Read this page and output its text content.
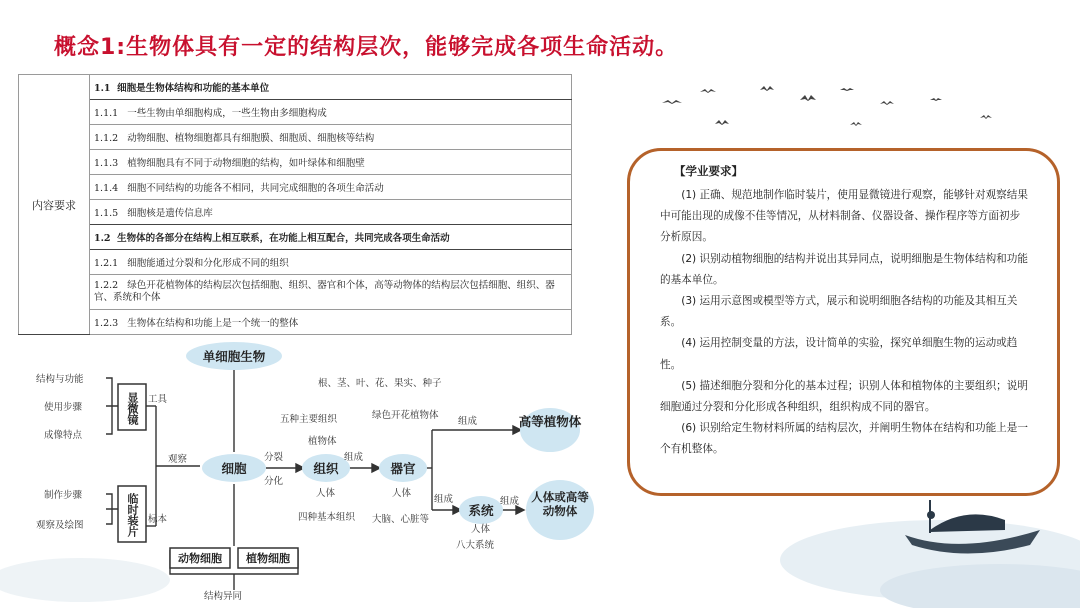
概念1:生物体具有一定的结构层次，能够完成各项生命活动。
内容要求	1.1 细胞是生物体结构和功能的基本单位
1.1.1 一些生物由单细胞构成，一些生物由多细胞构成
1.1.2 动物细胞、植物细胞都具有细胞膜、细胞质、细胞核等结构
1.1.3 植物细胞具有不同于动物细胞的结构，如叶绿体和细胞壁
1.1.4 细胞不同结构的功能各不相同，共同完成细胞的各项生命活动
1.1.5 细胞核是遗传信息库
1.2 生物体的各部分在结构上相互联系，在功能上相互配合，共同完成各项生命活动
1.2.1 细胞能通过分裂和分化形成不同的组织
1.2.2 绿色开花植物体的结构层次包括细胞、组织、器官和个体，高等动物体的结构层次包括细胞、组织、器官、系统和个体
1.2.3 生物体在结构和功能上是一个统一的整体
【学业要求】

(1) 正确、规范地制作临时装片，使用显微镜进行观察，能够针对观察结果中可能出现的成像不佳等情况，从材料制备、仪器设备、操作程序等方面初步分析原因。

(2) 识别动植物细胞的结构并说出其异同点，说明细胞是生物体结构和功能的基本单位。

(3) 运用示意图或模型等方式，展示和说明细胞各结构的功能及其相互关系。

(4) 运用控制变量的方法，设计简单的实验，探究单细胞生物的运动或趋性。

(5) 描述细胞分裂和分化的基本过程；识别人体和植物体的主要组织；说明细胞通过分裂和分化形成各种组织，组织构成不同的器官。

(6) 识别给定生物材料所属的结构层次，并阐明生物体在结构和功能上是一个有机整体。

单细胞生物
细胞	组织	器官
高等植物体
系统
动物细胞 植物细胞
显微镜
临时装片
结构与功能
使用步骤
成像特点
制作步骤
观察及绘图
工具
标本
观察	分裂
分化
五种主要组织
植物体
人体
四种基本组织
组成
根、茎、叶、花、果实、种子
绿色开花植物体
人体
大脑、心脏等
组成
人体
八大系统
组成	组成
结构异同
人体或高等动物体
